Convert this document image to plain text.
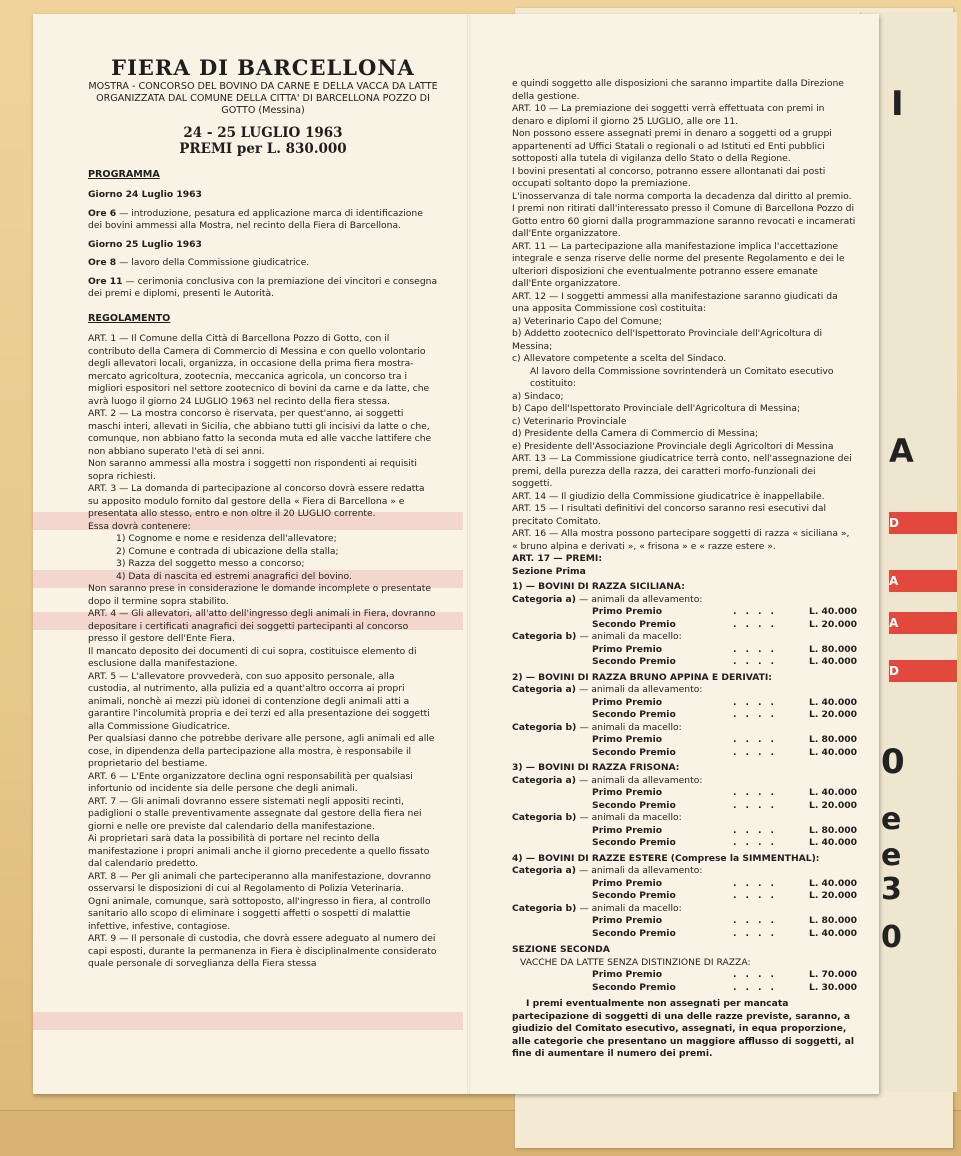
I
A
D
A
A
D
0
e
e
3
0
FIERA DI BARCELLONA
MOSTRA - CONCORSO DEL BOVINO DA CARNE E DELLA VACCA DA LATTE ORGANIZZATA DAL COMUNE DELLA CITTA' DI BARCELLONA POZZO DI GOTTO (Messina)
24 - 25 LUGLIO 1963
PREMI per L. 830.000
PROGRAMMA

Giorno 24 Luglio 1963

Ore 6 — introduzione, pesatura ed applicazione marca di identificazione dei bovini ammessi alla Mostra, nel recinto della Fiera di Barcellona.

Giorno 25 Luglio 1963

Ore 8 — lavoro della Commissione giudicatrice.

Ore 11 — cerimonia conclusiva con la premiazione dei vincitori e consegna dei premi e diplomi, presenti le Autorità.

REGOLAMENTO

ART. 1 — Il Comune della Città di Barcellona Pozzo di Gotto, con il contributo della Camera di Commercio di Messina e con quello volontario degli allevatori locali, organizza, in occasione della prima fiera mostra-mercato agricoltura, zootecnia, meccanica agricola, un concorso tra i migliori espositori nel settore zootecnico di bovini da carne e da latte, che avrà luogo il giorno 24 LUGLIO 1963 nel recinto della fiera stessa.

ART. 2 — La mostra concorso è riservata, per quest'anno, ai soggetti maschi interi, allevati in Sicilia, che abbiano tutti gli incisivi da latte o che, comunque, non abbiano fatto la seconda muta ed alle vacche lattifere che non abbiano superato l'età di sei anni.

Non saranno ammessi alla mostra i soggetti non rispondenti ai requisiti sopra richiesti.

ART. 3 — La domanda di partecipazione al concorso dovrà essere redatta su apposito modulo fornito dal gestore della « Fiera di Barcellona » e presentata allo stesso, entro e non oltre il 20 LUGLIO corrente.

Essa dovrà contenere:

1) Cognome e nome e residenza dell'allevatore;

2) Comune e contrada di ubicazione della stalla;

3) Razza del soggetto messo a concorso;

4) Data di nascita ed estremi anagrafici del bovino.

Non saranno prese in considerazione le domande incomplete o presentate dopo il termine sopra stabilito.

ART. 4 — Gli allevatori, all'atto dell'ingresso degli animali in Fiera, dovranno depositare i certificati anagrafici dei soggetti partecipanti al concorso presso il gestore dell'Ente Fiera.

Il mancato deposito dei documenti di cui sopra, costituisce elemento di esclusione dalla manifestazione.

ART. 5 — L'allevatore provvederà, con suo apposito personale, alla custodia, al nutrimento, alla pulizia ed a quant'altro occorra ai propri animali, nonchè ai mezzi più idonei di contenzione degli animali atti a garantire l'incolumità propria e dei terzi ed alla presentazione dei soggetti alla Commissione Giudicatrice.

Per qualsiasi danno che potrebbe derivare alle persone, agli animali ed alle cose, in dipendenza della partecipazione alla mostra, è responsabile il proprietario del bestiame.

ART. 6 — L'Ente organizzatore declina ogni responsabilità per qualsiasi infortunio od incidente sia delle persone che degli animali.

ART. 7 — Gli animali dovranno essere sistemati negli appositi recinti, padiglioni o stalle preventivamente assegnate dal gestore della fiera nei giorni e nelle ore previste dal calendario della manifestazione.

Ai proprietari sarà data la possibilità di portare nel recinto della manifestazione i propri animali anche il giorno precedente a quello fissato dal calendario predetto.

ART. 8 — Per gli animali che parteciperanno alla manifestazione, dovranno osservarsi le disposizioni di cui al Regolamento di Polizia Veterinaria.

Ogni animale, comunque, sarà sottoposto, all'ingresso in fiera, al controllo sanitario allo scopo di eliminare i soggetti affetti o sospetti di malattie infettive, infestive, contagiose.

ART. 9 — Il personale di custodia, che dovrà essere adeguato al numero dei capi esposti, durante la permanenza in Fiera è disciplinalmente considerato quale personale di sorveglianza della Fiera stessa

e quindi soggetto alle disposizioni che saranno impartite dalla Direzione della gestione.

ART. 10 — La premiazione dei soggetti verrà effettuata con premi in denaro e diplomi il giorno 25 LUGLIO, alle ore 11.

Non possono essere assegnati premi in denaro a soggetti od a gruppi appartenenti ad Uffici Statali o regionali o ad Istituti ed Enti pubblici sottoposti alla tutela di vigilanza dello Stato o della Regione.

I bovini presentati al concorso, potranno essere allontanati dai posti occupati soltanto dopo la premiazione.

L'inosservanza di tale norma comporta la decadenza dal diritto al premio.

I premi non ritirati dall'interessato presso il Comune di Barcellona Pozzo di Gotto entro 60 giorni dalla programmazione saranno revocati e incamerati dall'Ente organizzatore.

ART. 11 — La partecipazione alla manifestazione implica l'accettazione integrale e senza riserve delle norme del presente Regolamento e dei le ulteriori disposizioni che eventualmente potranno essere emanate dall'Ente organizzatore.

ART. 12 — I soggetti ammessi alla manifestazione saranno giudicati da una apposita Commissione così costituita:

a) Veterinario Capo del Comune;

b) Addetto zootecnico dell'Ispettorato Provinciale dell'Agricoltura di Messina;

c) Allevatore competente a scelta del Sindaco.

Al lavoro della Commissione sovrintenderà un Comitato esecutivo costituito:

a) Sindaco;

b) Capo dell'Ispettorato Provinciale dell'Agricoltura di Messina;

c) Veterinario Provinciale

d) Presidente della Camera di Commercio di Messina;

e) Presidente dell'Associazione Provinciale degli Agricoltori di Messina

ART. 13 — La Commissione giudicatrice terrà conto, nell'assegnazione dei premi, della purezza della razza, dei caratteri morfo-funzionali dei soggetti.

ART. 14 — Il giudizio della Commissione giudicatrice è inappellabile.

ART. 15 — I risultati definitivi del concorso saranno resi esecutivi dal precitato Comitato.

ART. 16 — Alla mostra possono partecipare soggetti di razza « siciliana », « bruno alpina e derivati », « frisona » e « razze estere ».

ART. 17 — PREMI:

Sezione Prima

1) — BOVINI DI RAZZA SICILIANA:

Categoria a) — animali da allevamento:

Primo Premio	....	L. 40.000
Secondo Premio	....	L. 20.000

Categoria b) — animali da macello:

Primo Premio	....	L. 80.000
Secondo Premio	....	L. 40.000

2) — BOVINI DI RAZZA BRUNO APPINA E DERIVATI:

Categoria a) — animali da allevamento:

Primo Premio	....	L. 40.000
Secondo Premio	....	L. 20.000

Categoria b) — animali da macello:

Primo Premio	....	L. 80.000
Secondo Premio	....	L. 40.000

3) — BOVINI DI RAZZA FRISONA:

Categoria a) — animali da allevamento:

Primo Premio	....	L. 40.000
Secondo Premio	....	L. 20.000

Categoria b) — animali da macello:

Primo Premio	....	L. 80.000
Secondo Premio	....	L. 40.000

4) — BOVINI DI RAZZE ESTERE (Comprese la SIMMENTHAL):

Categoria a) — animali da allevamento:

Primo Premio	....	L. 40.000
Secondo Premio	....	L. 20.000

Categoria b) — animali da macello:

Primo Premio	....	L. 80.000
Secondo Premio	....	L. 40.000

SEZIONE SECONDA

VACCHE DA LATTE SENZA DISTINZIONE DI RAZZA:

Primo Premio	....	L. 70.000
Secondo Premio	....	L. 30.000

I premi eventualmente non assegnati per mancata partecipazione di soggetti di una delle razze previste, saranno, a giudizio del Comitato esecutivo, assegnati, in equa proporzione, alle categorie che presentano un maggiore afflusso di soggetti, al fine di aumentare il numero dei premi.
